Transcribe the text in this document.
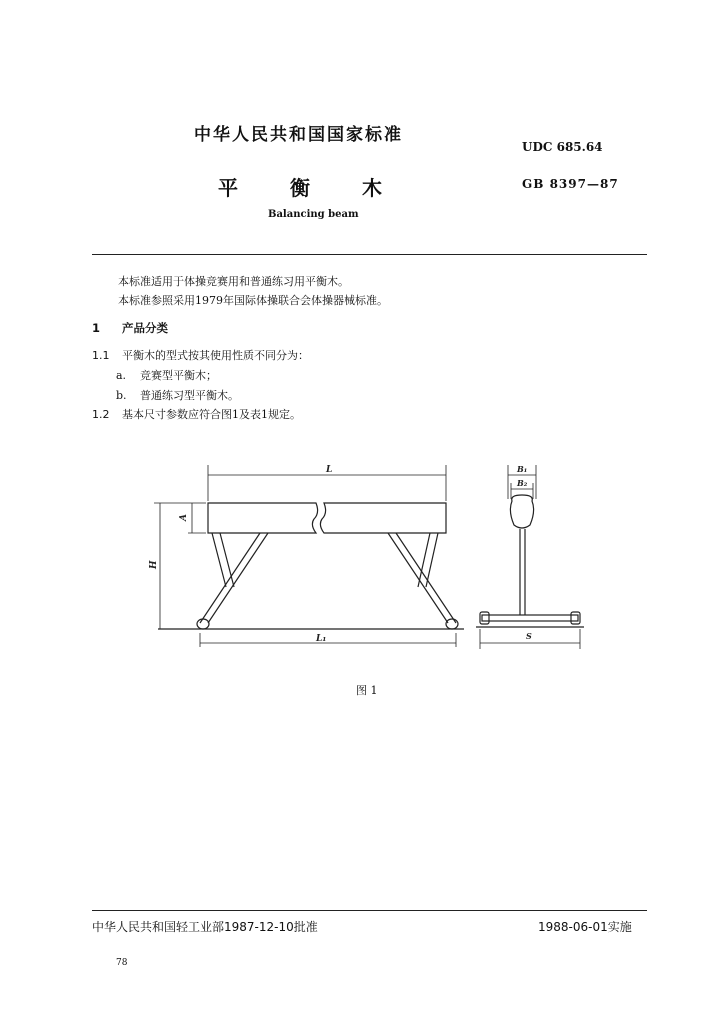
中华人民共和国国家标准
UDC 685.64
平	衡	木	GB 8397—87
Balancing beam
本标准适用于体操竞赛用和普通练习用平衡木。
本标准参照采用1979年国际体操联合会体操器械标准。
1 产品分类
1.1 平衡木的型式按其使用性质不同分为：
a. 竞赛型平衡木；
b. 普通练习型平衡木。
1.2 基本尺寸参数应符合图1及表1规定。
L
L₁
A
H
B₁
B₂
S
图 1
中华人民共和国轻工业部1987-12-10批准	1988-06-01实施
78
